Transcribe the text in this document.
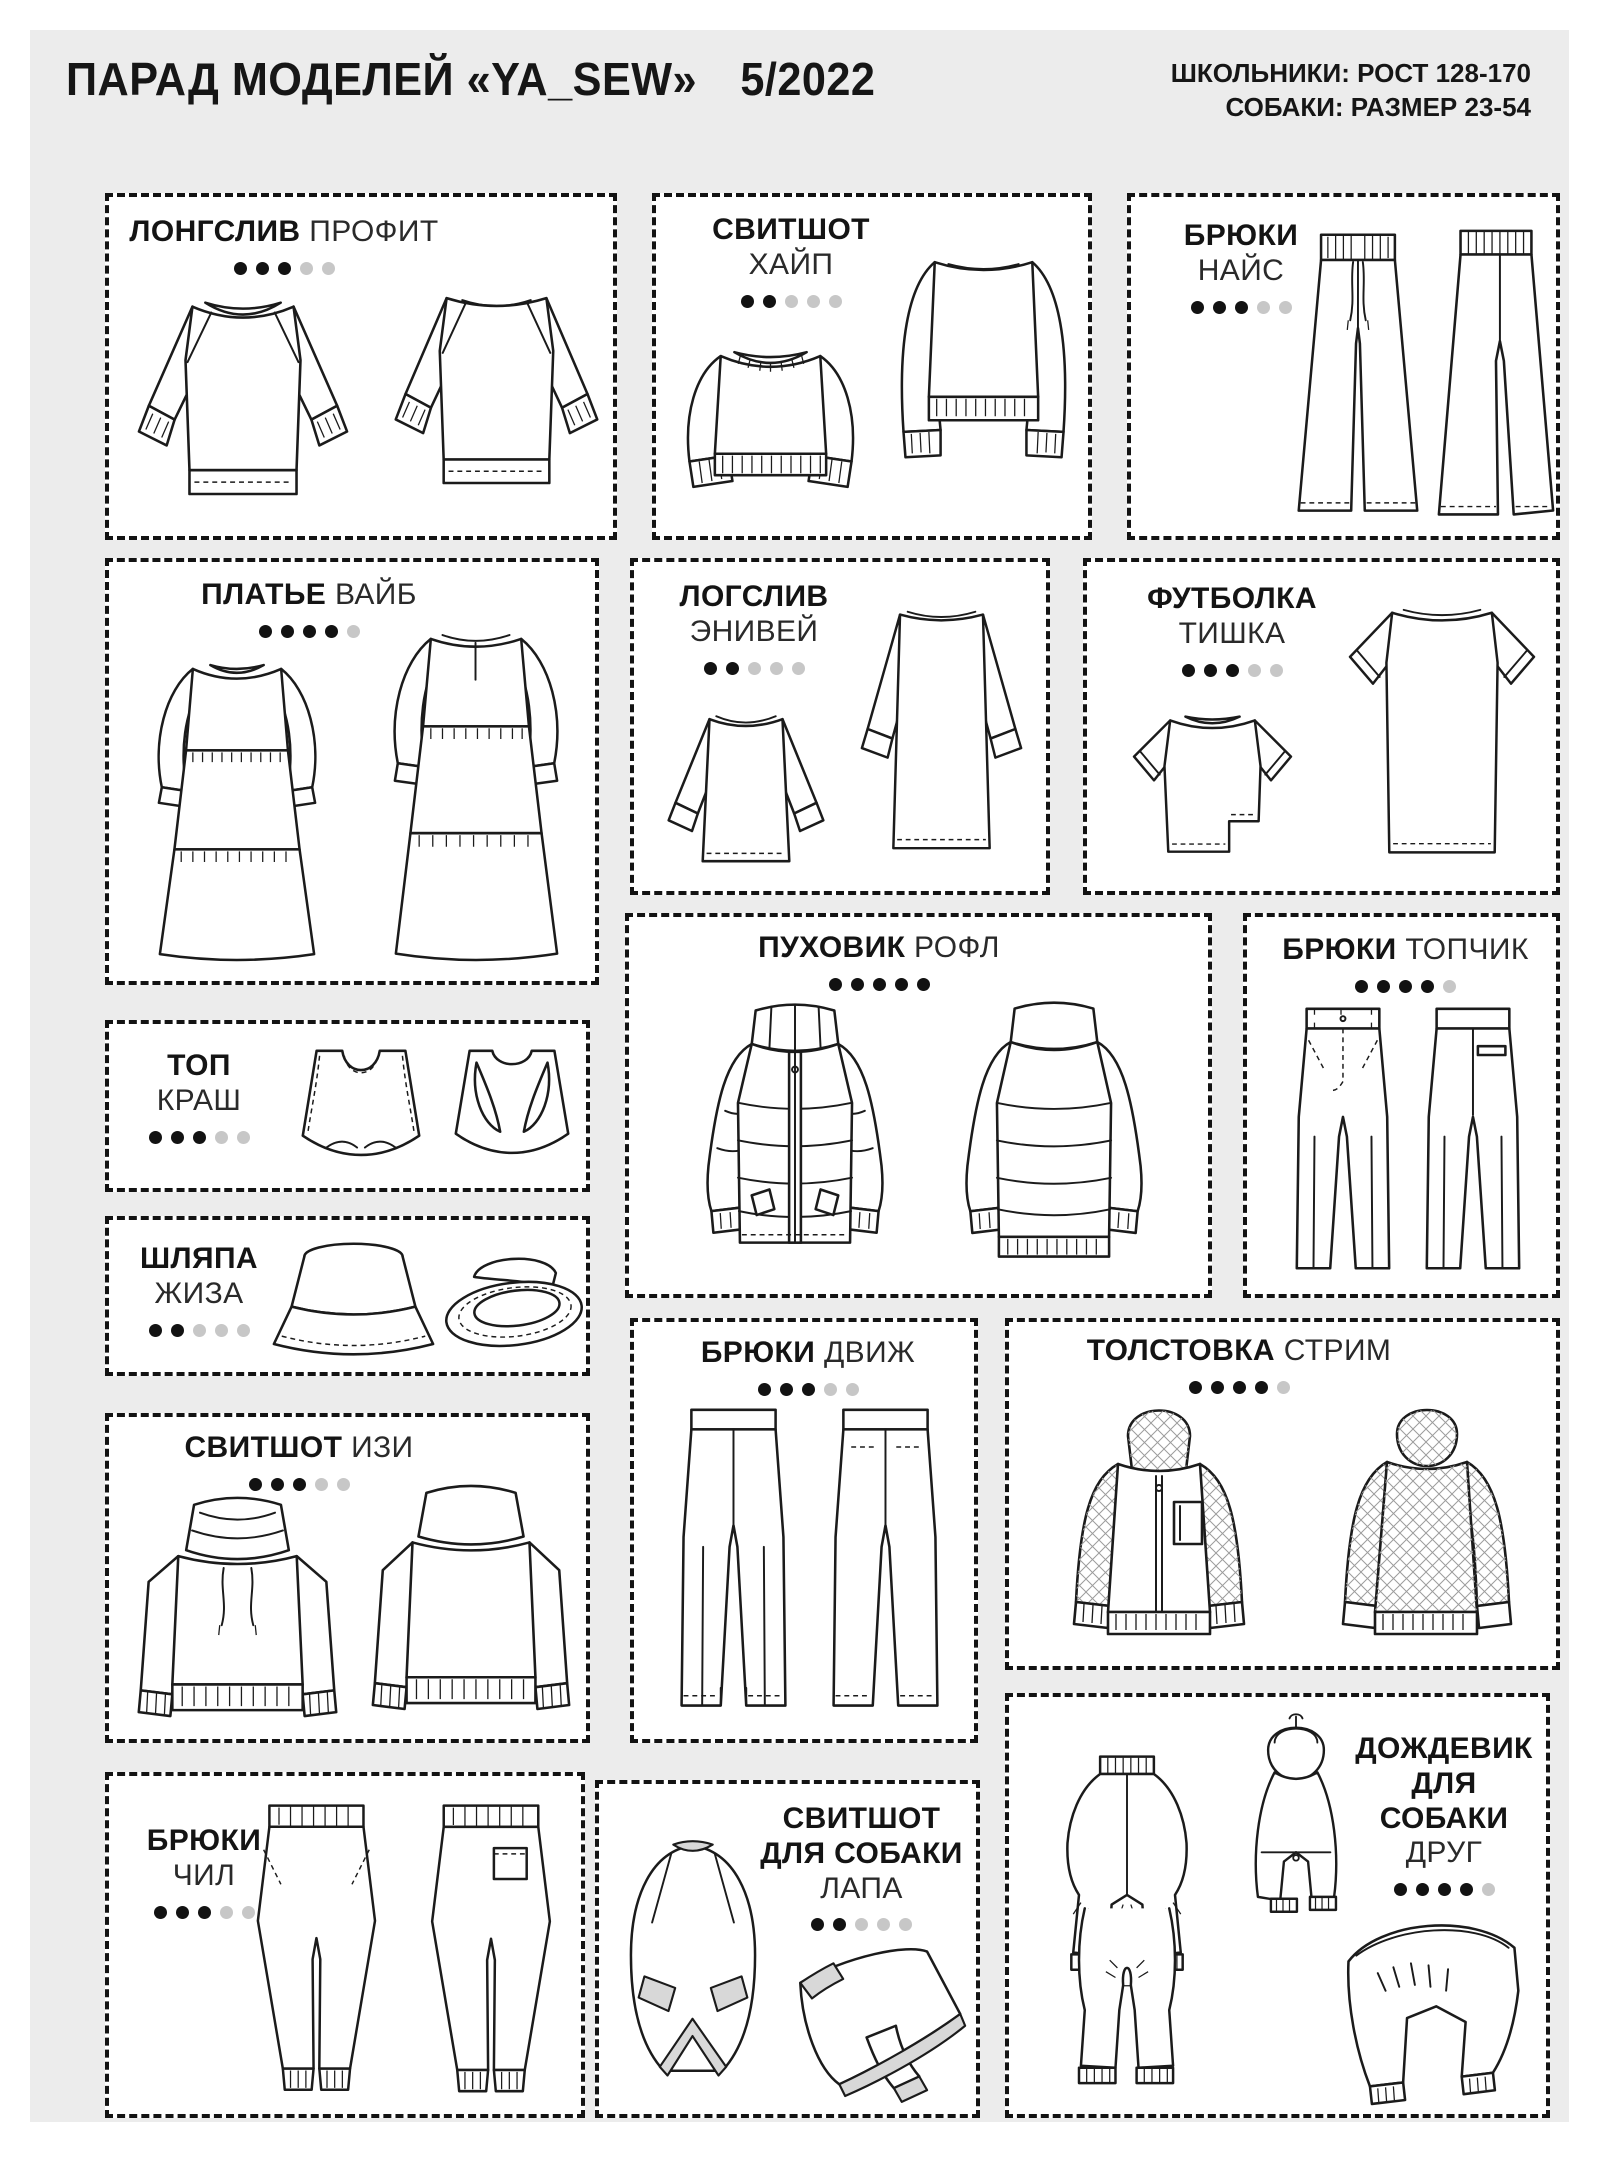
ПАРАД МОДЕЛЕЙ «YA_SEW» 5/2022	ШКОЛЬНИКИ: РОСТ 128-170
СОБАКИ: РАЗМЕР 23-54
ЛОНГСЛИВ ПРОФИТ	СВИТШОТ
ХАЙП
БРЮКИ
НАЙС
ПЛАТЬЕ ВАЙБ	ЛОГСЛИВ
ЭНИВЕЙ
ФУТБОЛКА
ТИШКА
ТОП
КРАШ
ШЛЯПА
ЖИЗА
ПУХОВИК РОФЛ	БРЮКИ ТОПЧИК
СВИТШОТ ИЗИ
БРЮКИ ДВИЖ	ТОЛСТОВКА СТРИМ
БРЮКИ
ЧИЛ
СВИТШОТ
ДЛЯ СОБАКИ
ЛАПА
ДОЖДЕВИК
ДЛЯ СОБАКИ
ДРУГ
